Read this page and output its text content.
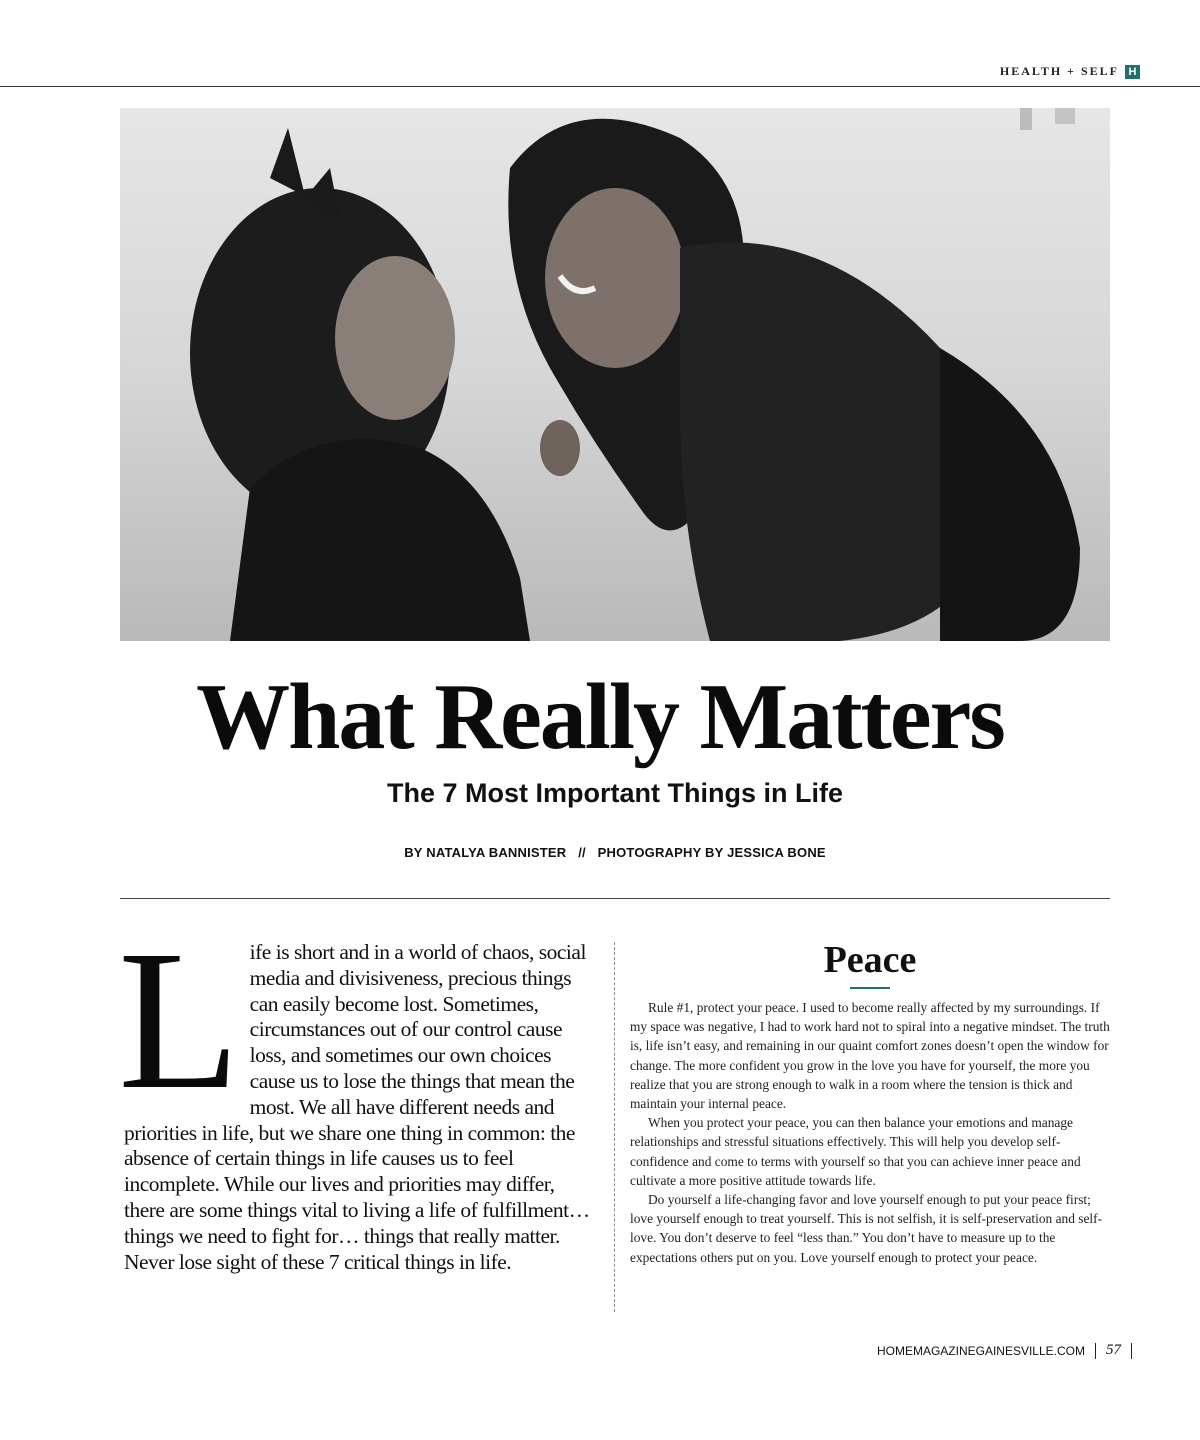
HEALTH + SELF H
What Really Matters
The 7 Most Important Things in Life
BY NATALYA BANNISTER // PHOTOGRAPHY BY JESSICA BONE

Life is short and in a world of chaos, social media and divisiveness, precious things can easily become lost. Sometimes, circumstances out of our control cause loss, and sometimes our own choices cause us to lose the things that mean the most. We all have different needs and priorities in life, but we share one thing in common: the absence of certain things in life causes us to feel incomplete. While our lives and priorities may differ, there are some things vital to living a life of fulfillment… things we need to fight for… things that really matter. Never lose sight of these 7 critical things in life.

Peace

Rule #1, protect your peace. I used to become really affected by my surroundings. If my space was negative, I had to work hard not to spiral into a negative mindset. The truth is, life isn’t easy, and remaining in our quaint comfort zones doesn’t open the window for change. The more confident you grow in the love you have for yourself, the more you realize that you are strong enough to walk in a room where the tension is thick and maintain your internal peace.

When you protect your peace, you can then balance your emotions and manage relationships and stressful situations effectively. This will help you develop self-confidence and come to terms with yourself so that you can achieve inner peace and cultivate a more positive attitude towards life.

Do yourself a life-changing favor and love yourself enough to put your peace first; love yourself enough to treat yourself. This is not selfish, it is self-preservation and self-love. You don’t deserve to feel “less than.” You don’t have to measure up to the expectations others put on you. Love yourself enough to protect your peace.

HOMEMAGAZINEGAINESVILLE.COM 57
